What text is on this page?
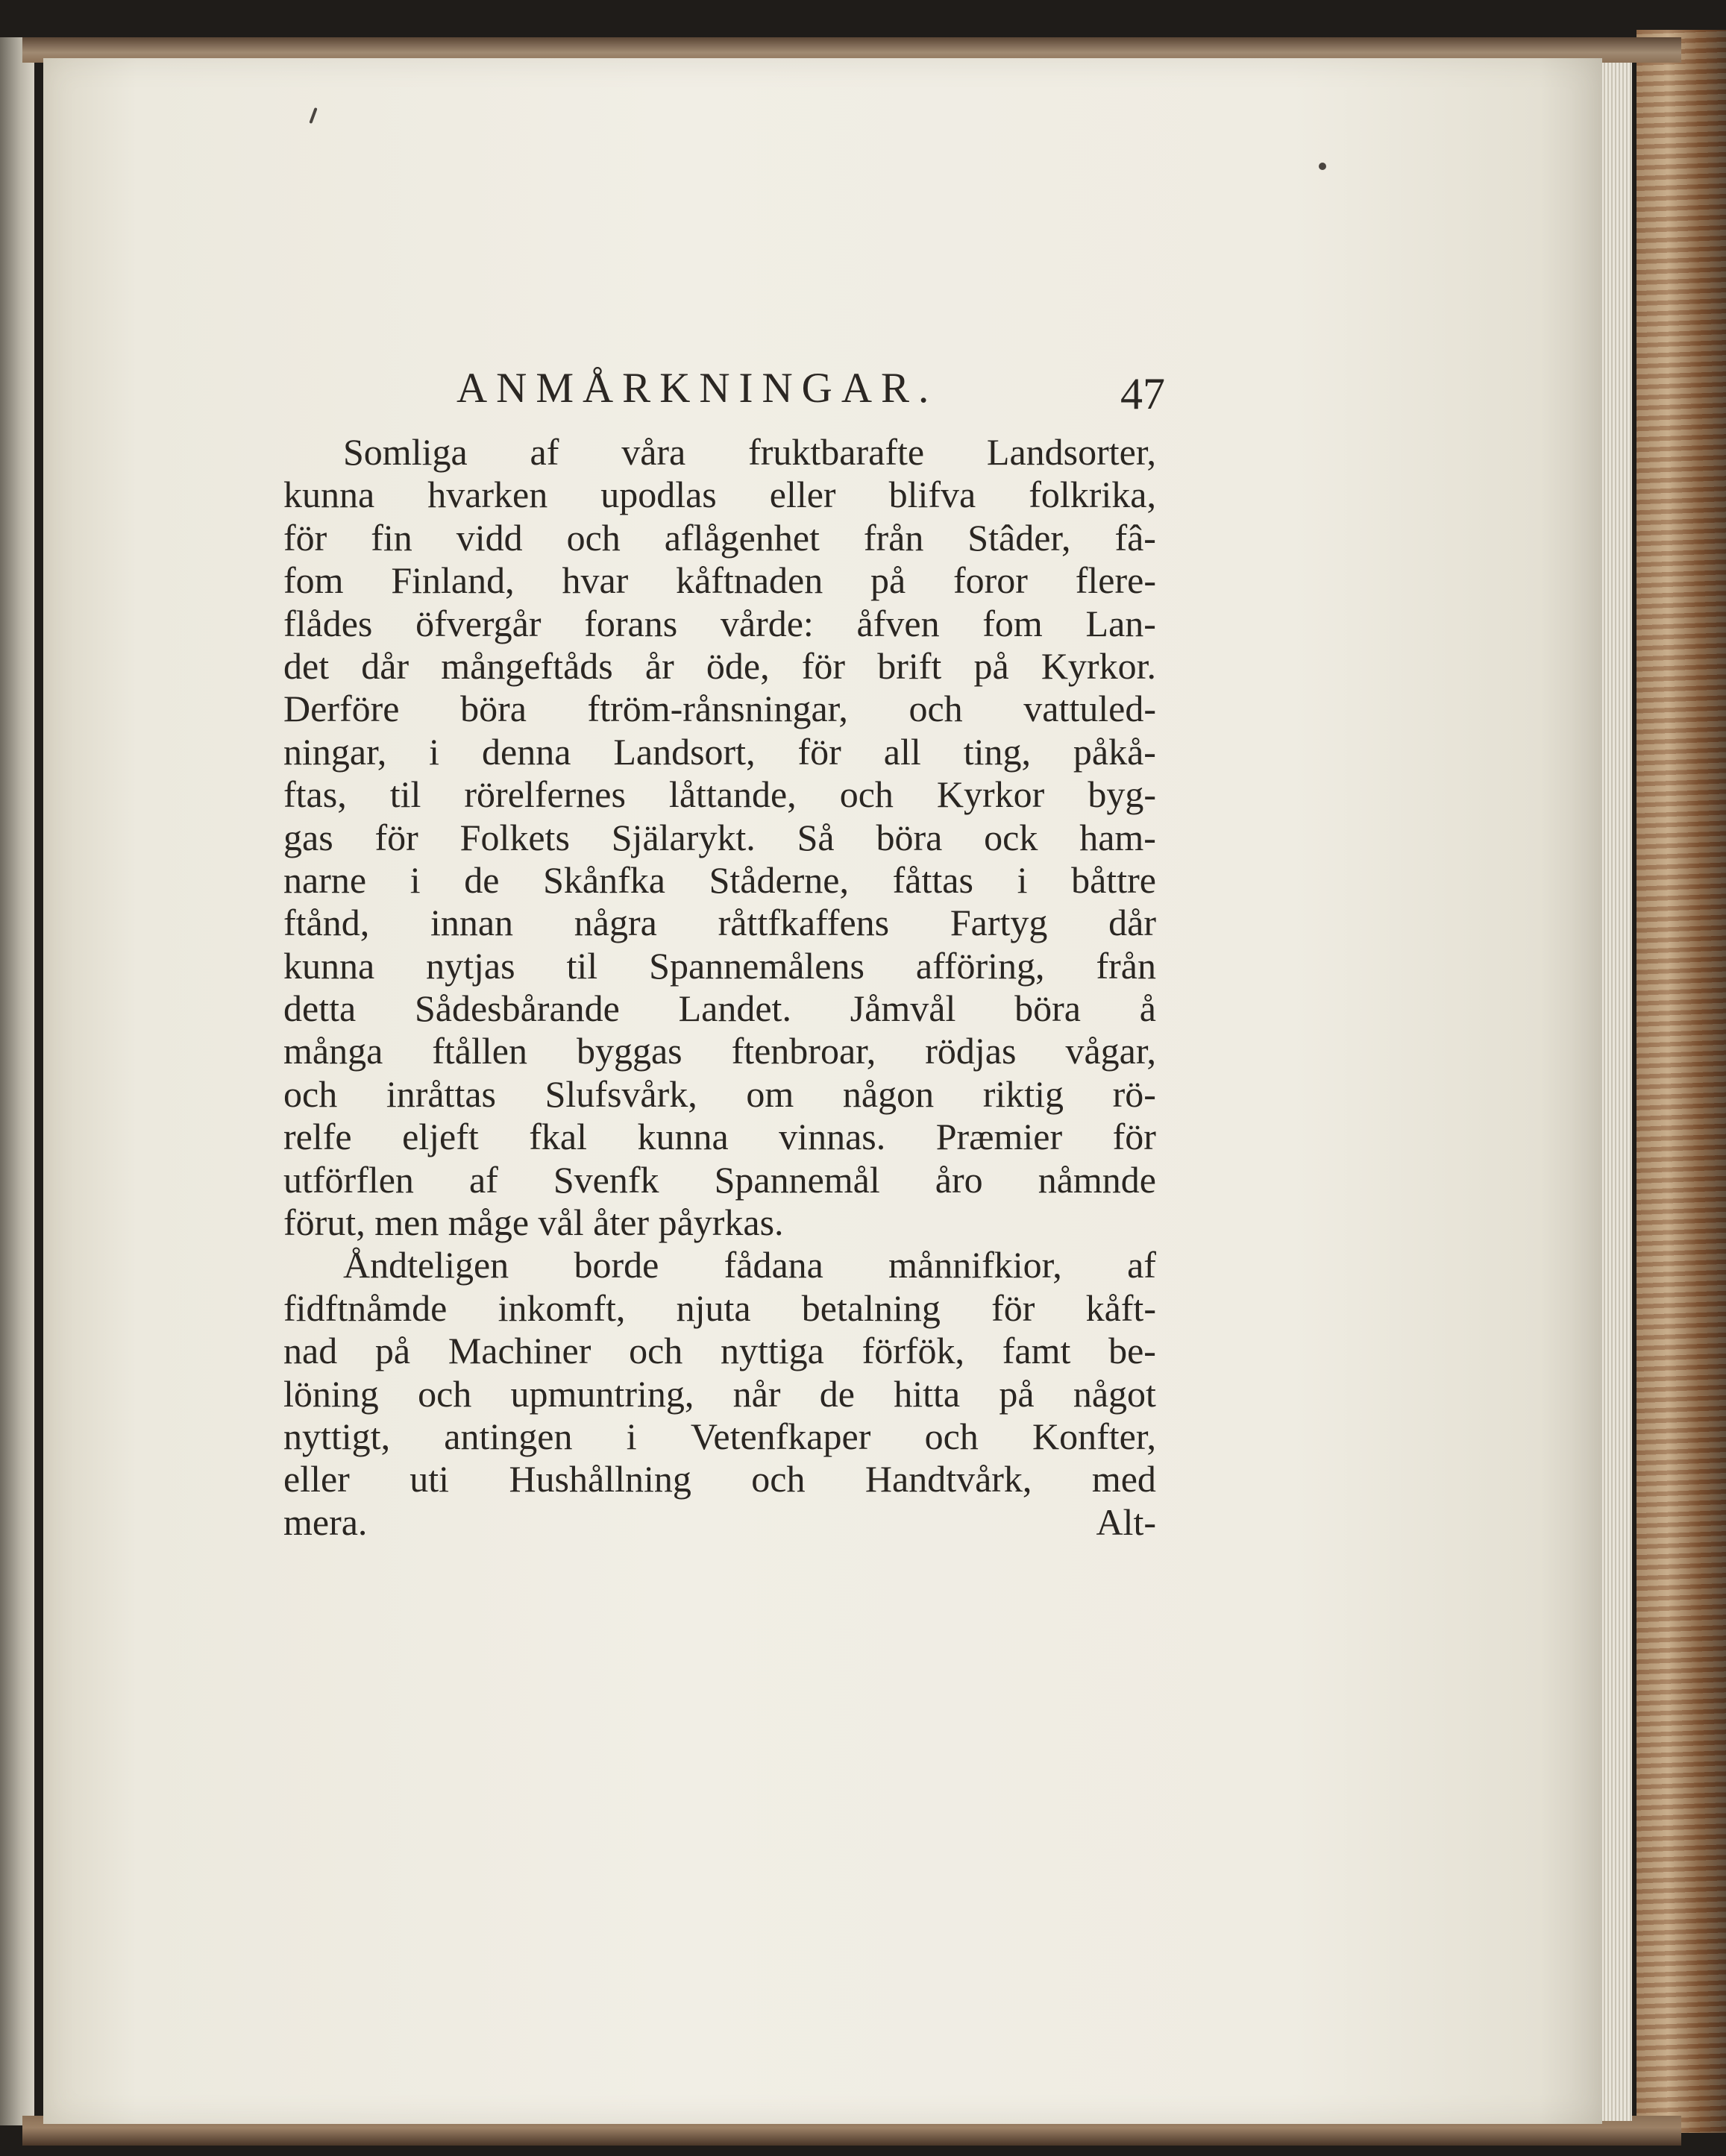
ANMÅRKNINGAR.	47
Somliga af våra fruktbarafte Landsorter,
kunna hvarken upodlas eller blifva folkrika,
för fin vidd och aflågenhet från Stâder, fâ-
fom Finland, hvar kåftnaden på foror flere-
flådes öfvergår forans vårde: åfven fom Lan-
det dår mångeftåds år öde, för brift på Kyrkor.
Derföre böra ftröm-rånsningar, och vattuled-
ningar, i denna Landsort, för all ting, påkå-
ftas, til rörelfernes låttande, och Kyrkor byg-
gas för Folkets Själarykt. Så böra ock ham-
narne i de Skånfka Ståderne, fåttas i båttre
ftånd, innan några råttfkaffens Fartyg dår
kunna nytjas til Spannemålens afföring, från
detta Sådesbårande Landet. Jåmvål böra å
många ftållen byggas ftenbroar, rödjas vågar,
och inråttas Slufsvårk, om någon riktig rö-
relfe eljeft fkal kunna vinnas. Præmier för
utförflen af Svenfk Spannemål åro nåmnde
förut, men måge vål åter påyrkas.
Åndteligen borde fådana månnifkior, af
fidftnåmde inkomft, njuta betalning för kåft-
nad på Machiner och nyttiga förfök, famt be-
löning och upmuntring, når de hitta på något
nyttigt, antingen i Vetenfkaper och Konfter,
eller uti Hushållning och Handtvårk, med
mera.	Alt-
